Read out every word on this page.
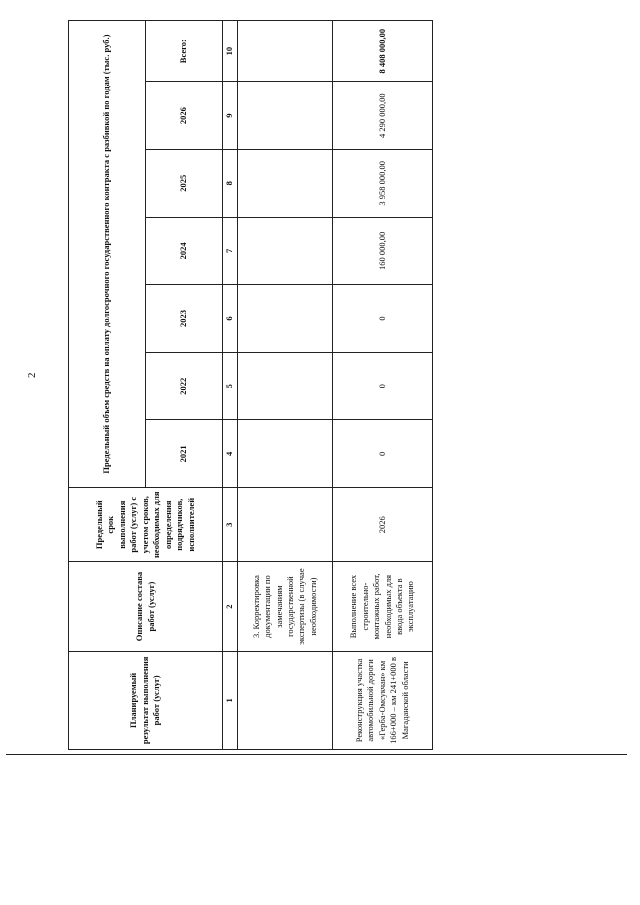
2
Планируемый результат выполнения работ (услуг)	Описание состава работ (услуг)	Предельный срок выполнения работ (услуг) с учетом сроков, необходимых для определения подрядчиков, исполнителей	Предельный объем средств на оплату долгосрочного государственного контракта с разбивкой по годам (тыс. руб.)						
			2021	2022	2023	2024	2025	2026	Всего:
1	2	3	4	5	6	7	8	9	10
	3. Корректировка документации по замечаниям государственной экспертизы (в случае необходимости)								
Реконструкция участка автомобильной дороги «Герба-Омсукчан» км 166+000 – км 241+000 в Магаданской области	Выполнение всех строительно-монтажных работ, необходимых для ввода объекта в эксплуатацию	2026	0	0	0	160 000,00	3 958 000,00	4 290 000,00	8 408 000,00
